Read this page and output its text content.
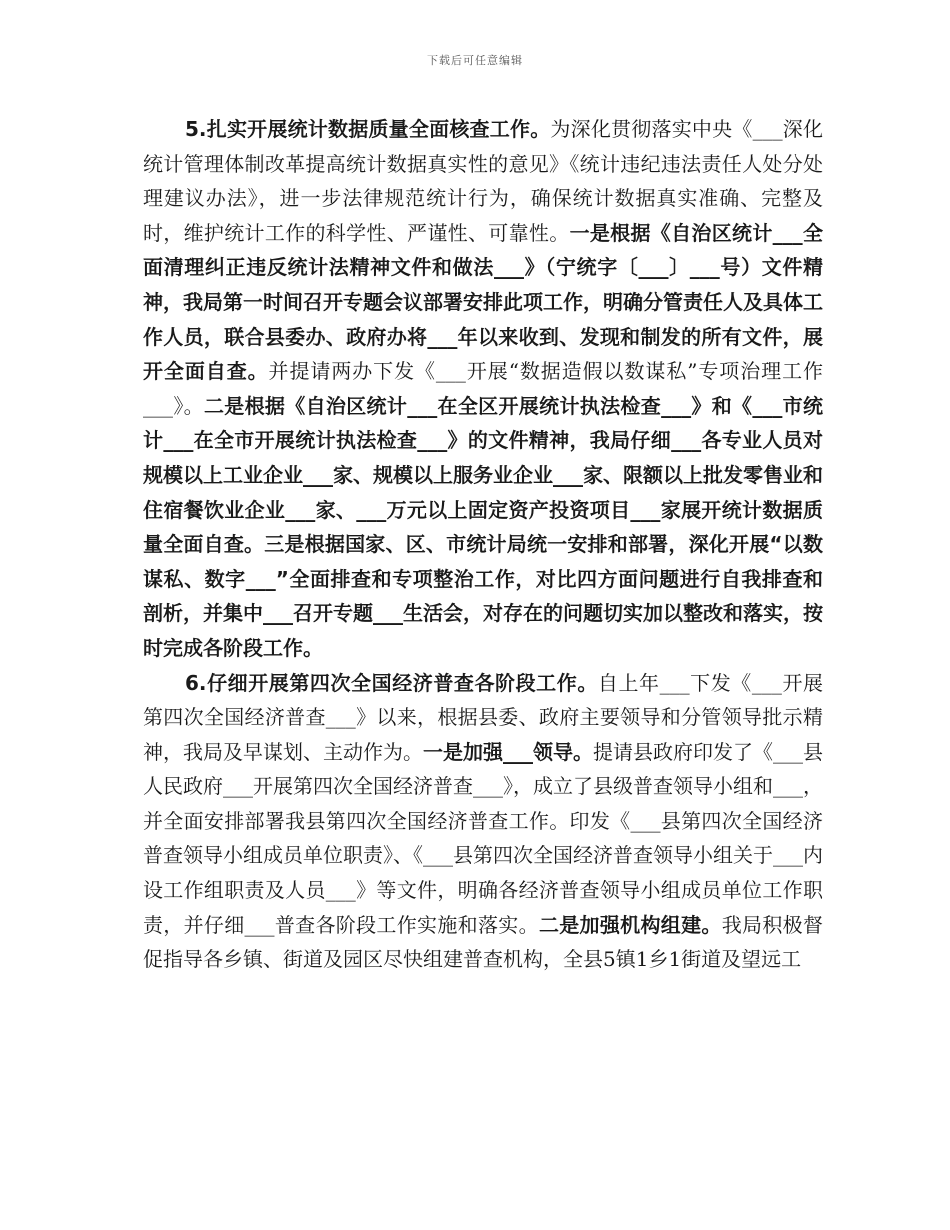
下载后可任意编辑

5.扎实开展统计数据质量全面核查工作。为深化贯彻落实中央《___深化统计管理体制改革提高统计数据真实性的意见》《统计违纪违法责任人处分处理建议办法》，进一步法律规范统计行为，确保统计数据真实准确、完整及时，维护统计工作的科学性、严谨性、可靠性。一是根据《自治区统计___全面清理纠正违反统计法精神文件和做法___》（宁统字〔___〕___号）文件精神，我局第一时间召开专题会议部署安排此项工作，明确分管责任人及具体工作人员，联合县委办、政府办将___年以来收到、发现和制发的所有文件，展开全面自查。并提请两办下发《___开展“数据造假以数谋私”专项治理工作___》。二是根据《自治区统计___在全区开展统计执法检查___》和《___市统计___在全市开展统计执法检查___》的文件精神，我局仔细___各专业人员对规模以上工业企业___家、规模以上服务业企业___家、限额以上批发零售业和住宿餐饮业企业___家、___万元以上固定资产投资项目___家展开统计数据质量全面自查。三是根据国家、区、市统计局统一安排和部署，深化开展“以数谋私、数字___”全面排查和专项整治工作，对比四方面问题进行自我排查和剖析，并集中___召开专题___生活会，对存在的问题切实加以整改和落实，按时完成各阶段工作。

6.仔细开展第四次全国经济普查各阶段工作。自上年___下发《___开展第四次全国经济普查___》以来，根据县委、政府主要领导和分管领导批示精神，我局及早谋划、主动作为。一是加强___领导。提请县政府印发了《___县人民政府___开展第四次全国经济普查___》，成立了县级普查领导小组和___，并全面安排部署我县第四次全国经济普查工作。印发《___县第四次全国经济普查领导小组成员单位职责》、《___县第四次全国经济普查领导小组关于___内设工作组职责及人员___》等文件，明确各经济普查领导小组成员单位工作职责，并仔细___普查各阶段工作实施和落实。二是加强机构组建。我局积极督促指导各乡镇、街道及园区尽快组建普查机构，全县5镇1乡1街道及望远工
